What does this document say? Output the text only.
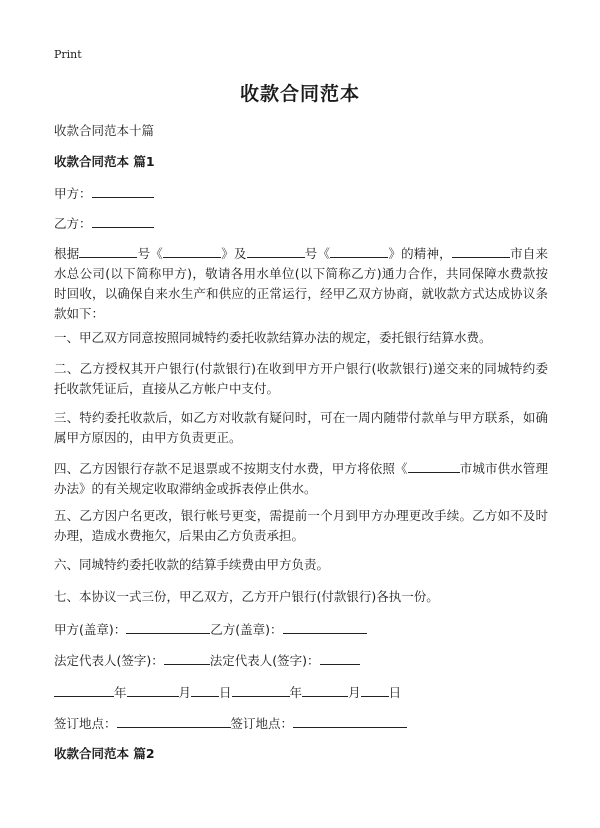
Print
收款合同范本
收款合同范本十篇
收款合同范本 篇1
甲方：
乙方：
根据	号《	》及	号《	》的精神，	市自来水总公司(以下简称甲方)，敬请各用水单位(以下简称乙方)通力合作，共同保障水费款按时回收，以确保自来水生产和供应的正常运行，经甲乙双方协商，就收款方式达成协议条款如下：
一、甲乙双方同意按照同城特约委托收款结算办法的规定，委托银行结算水费。
二、乙方授权其开户银行(付款银行)在收到甲方开户银行(收款银行)递交来的同城特约委托收款凭证后，直接从乙方帐户中支付。
三、特约委托收款后，如乙方对收款有疑问时，可在一周内随带付款单与甲方联系，如确属甲方原因的，由甲方负责更正。
四、乙方因银行存款不足退票或不按期支付水费，甲方将依照《	市城市供水管理办法》的有关规定收取滞纳金或拆表停止供水。
五、乙方因户名更改，银行帐号更变，需提前一个月到甲方办理更改手续。乙方如不及时办理，造成水费拖欠，后果由乙方负责承担。
六、同城特约委托收款的结算手续费由甲方负责。
七、本协议一式三份，甲乙双方，乙方开户银行(付款银行)各执一份。
甲方(盖章)：	乙方(盖章)：
法定代表人(签字)：	法定代表人(签字)：
年	月 日	年	月 日
签订地点：	签订地点：
收款合同范本 篇2
